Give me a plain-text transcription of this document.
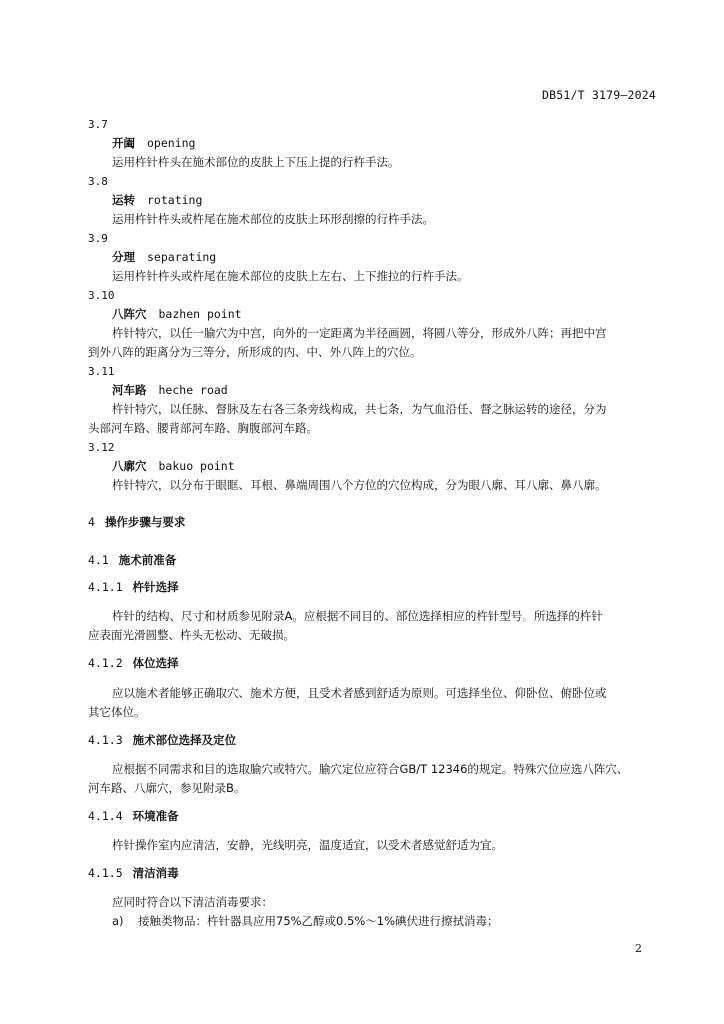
DB51/T 3179—2024
3.7
开阖 opening
运用杵针杵头在施术部位的皮肤上下压上提的行杵手法。
3.8
运转 rotating
运用杵针杵头或杵尾在施术部位的皮肤上环形刮擦的行杵手法。
3.9
分理 separating
运用杵针杵头或杵尾在施术部位的皮肤上左右、上下推拉的行杵手法。
3.10
八阵穴 bazhen point
杵针特穴，以任一腧穴为中宫，向外的一定距离为半径画圆，将圆八等分，形成外八阵；再把中宫
到外八阵的距离分为三等分，所形成的内、中、外八阵上的穴位。
3.11
河车路 heche road
杵针特穴，以任脉、督脉及左右各三条旁线构成，共七条，为气血沿任、督之脉运转的途径，分为
头部河车路、腰背部河车路、胸腹部河车路。
3.12
八廓穴 bakuo point
杵针特穴，以分布于眼眶、耳根、鼻端周围八个方位的穴位构成，分为眼八廓、耳八廓、鼻八廓。
4 操作步骤与要求
4.1 施术前准备
4.1.1 杵针选择
杵针的结构、尺寸和材质参见附录A。应根据不同目的、部位选择相应的杵针型号。所选择的杵针
应表面光滑圆整、杵头无松动、无破损。
4.1.2 体位选择
应以施术者能够正确取穴、施术方便，且受术者感到舒适为原则。可选择坐位、仰卧位、俯卧位或
其它体位。
4.1.3 施术部位选择及定位
应根据不同需求和目的选取腧穴或特穴。腧穴定位应符合GB/T 12346的规定。特殊穴位应选八阵穴、
河车路、八廓穴，参见附录B。
4.1.4 环境准备
杵针操作室内应清洁，安静，光线明亮，温度适宜，以受术者感觉舒适为宜。
4.1.5 清洁消毒
应同时符合以下清洁消毒要求：
a) 接触类物品：杵针器具应用75%乙醇或0.5%～1%碘伏进行擦拭消毒；
2
